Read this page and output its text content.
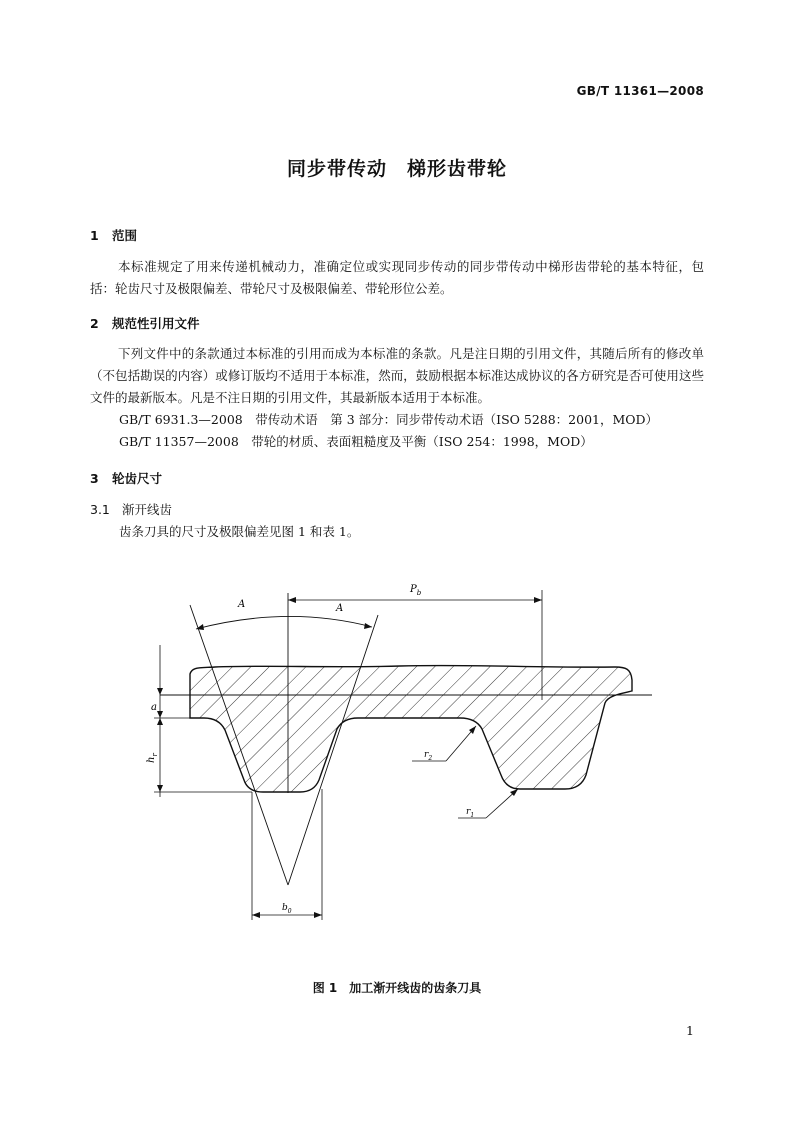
GB/T 11361—2008
同步带传动　梯形齿带轮
1 范围
本标准规定了用来传递机械动力，准确定位或实现同步传动的同步带传动中梯形齿带轮的基本特征，包括：轮齿尺寸及极限偏差、带轮尺寸及极限偏差、带轮形位公差。
2 规范性引用文件
下列文件中的条款通过本标准的引用而成为本标准的条款。凡是注日期的引用文件，其随后所有的修改单（不包括勘误的内容）或修订版均不适用于本标准，然而，鼓励根据本标准达成协议的各方研究是否可使用这些文件的最新版本。凡是不注日期的引用文件，其最新版本适用于本标准。
GB/T 6931.3—2008　带传动术语　第 3 部分：同步带传动术语（ISO 5288：2001，MOD）
GB/T 11357—2008　带轮的材质、表面粗糙度及平衡（ISO 254：1998，MOD）
3 轮齿尺寸
3.1 渐开线齿
齿条刀具的尺寸及极限偏差见图 1 和表 1。
A	A
$P_b$
a
$h_r$	$r_2$
$r_1$
$b_0$
图 1　加工渐开线齿的齿条刀具
1
